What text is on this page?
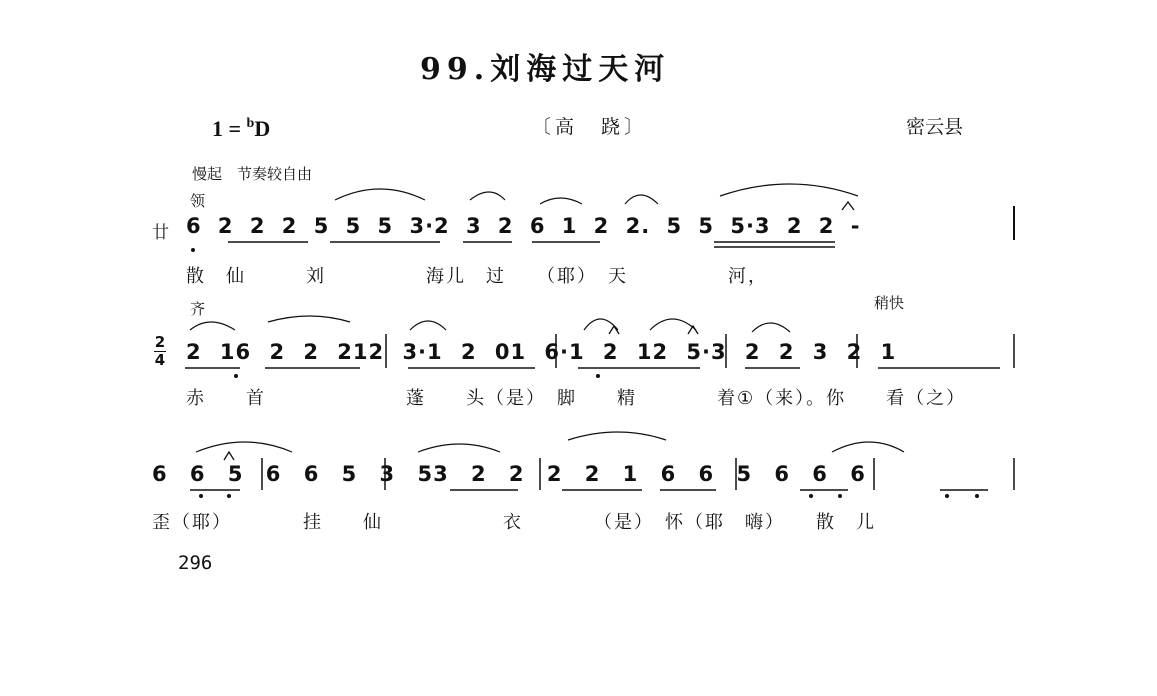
99.刘海过天河
1 = $^b$D	〔高　跷〕	密云县
慢起　节奏较自由
领
廿 6 2 2 2 5 5 5 3·2 3 2 6 1 2 2. 5 5 5·3 2 2 -
散　仙　　　刘　　　　　海儿　过　　（耶）　天　　　　　河，
齐	稍快
2
4 2 16 2 2 212 3·1 2 01 6·1 2 12 5·3 2 2 3 2 1
赤　　首　　　　　　　蓬　　头（是）　脚　　精　　　　着①（来）。你　　看（之）
6 6 5 6 6 5 3 53 2 2 2 2 1 6 6 5 6 6 6
歪（耶）　　　　挂　　仙　　　　　　衣　　　　（是）　怀（耶　嗨）　　散　儿
296
